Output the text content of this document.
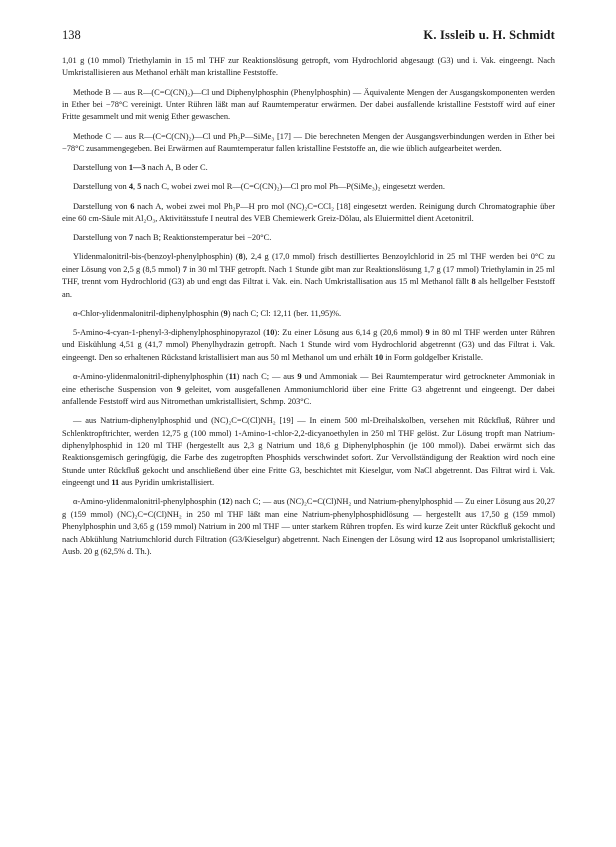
138	K. Issleib u. H. Schmidt

1,01 g (10 mmol) Triethylamin in 15 ml THF zur Reaktionslösung getropft, vom Hydrochlorid abgesaugt (G3) und i. Vak. eingeengt. Nach Umkristallisieren aus Methanol erhält man kristalline Feststoffe.

Methode B — aus R—(C=C(CN)₂)—Cl und Diphenylphosphin (Phenylphosphin) — Äquivalente Mengen der Ausgangskomponenten werden in Ether bei −78°C vereinigt. Unter Rühren läßt man auf Raumtemperatur erwärmen. Der dabei ausfallende kristalline Feststoff wird auf einer Fritte gesammelt und mit wenig Ether gewaschen.

Methode C — aus R—(C=C(CN)₂)—Cl und Ph₂P—SiMe₃ [17] — Die berechneten Mengen der Ausgangsverbindungen werden in Ether bei −78°C zusammengegeben. Bei Erwärmen auf Raumtemperatur fallen kristalline Feststoffe an, die wie üblich aufgearbeitet werden.

Darstellung von 1—3 nach A, B oder C.

Darstellung von 4, 5 nach C, wobei zwei mol R—(C=C(CN)₂)—Cl pro mol Ph—P(SiMe₃)₂ eingesetzt werden.

Darstellung von 6 nach A, wobei zwei mol Ph₂P—H pro mol (NC)₂C=CCl₂ [18] eingesetzt werden. Reinigung durch Chromatographie über eine 60 cm-Säule mit Al₂O₃, Aktivitätsstufe I neutral des VEB Chemiewerk Greiz-Dölau, als Eluiermittel dient Acetonitril.

Darstellung von 7 nach B; Reaktionstemperatur bei −20°C.

Ylidenmalonitril-bis-(benzoyl-phenylphosphin) (8), 2,4 g (17,0 mmol) frisch destilliertes Benzoylchlorid in 25 ml THF werden bei 0°C zu einer Lösung von 2,5 g (8,5 mmol) 7 in 30 ml THF getropft. Nach 1 Stunde gibt man zur Reaktionslösung 1,7 g (17 mmol) Triethylamin in 25 ml THF, trennt vom Hydrochlorid (G3) ab und engt das Filtrat i. Vak. ein. Nach Umkristallisation aus 15 ml Methanol fällt 8 als hellgelber Feststoff an.

α-Chlor-ylidenmalonitril-diphenylphosphin (9) nach C; Cl: 12,11 (ber. 11,95)%.

5-Amino-4-cyan-1-phenyl-3-diphenylphosphinopyrazol (10): Zu einer Lösung aus 6,14 g (20,6 mmol) 9 in 80 ml THF werden unter Rühren und Eiskühlung 4,51 g (41,7 mmol) Phenylhydrazin getropft. Nach 1 Stunde wird vom Hydrochlorid abgetrennt (G3) und das Filtrat i. Vak. eingeengt. Den so erhaltenen Rückstand kristallisiert man aus 50 ml Methanol um und erhält 10 in Form goldgelber Kristalle.

α-Amino-ylidenmalonitril-diphenylphosphin (11) nach C; — aus 9 und Ammoniak — Bei Raumtemperatur wird getrockneter Ammoniak in eine etherische Suspension von 9 geleitet, vom ausgefallenen Ammoniumchlorid über eine Fritte G3 abgetrennt und eingeengt. Der dabei anfallende Feststoff wird aus Nitromethan umkristallisiert, Schmp. 203°C.

— aus Natrium-diphenylphosphid und (NC)₂C=C(Cl)NH₂ [19] — In einem 500 ml-Dreihalskolben, versehen mit Rückfluß, Rührer und Schlenktropftrichter, werden 12,75 g (100 mmol) 1-Amino-1-chlor-2,2-dicyanoethylen in 250 ml THF gelöst. Zur Lösung tropft man Natrium-diphenylphosphid in 120 ml THF (hergestellt aus 2,3 g Natrium und 18,6 g Diphenylphosphin (je 100 mmol)). Dabei erwärmt sich das Reaktionsgemisch geringfügig, die Farbe des zugetropften Phosphids verschwindet sofort. Zur Vervollständigung der Reaktion wird noch eine Stunde unter Rückfluß gekocht und anschließend über eine Fritte G3, beschichtet mit Kieselgur, vom NaCl abgetrennt. Das Filtrat wird i. Vak. eingeengt und 11 aus Pyridin umkristallisiert.

α-Amino-ylidenmalonitril-phenylphosphin (12) nach C; — aus (NC)₂C=C(Cl)NH₂ und Natrium-phenylphosphid — Zu einer Lösung aus 20,27 g (159 mmol) (NC)₂C=C(Cl)NH₂ in 250 ml THF läßt man eine Natrium-phenylphosphidlösung — hergestellt aus 17,50 g (159 mmol) Phenylphosphin und 3,65 g (159 mmol) Natrium in 200 ml THF — unter starkem Rühren tropfen. Es wird kurze Zeit unter Rückfluß gekocht und nach Abkühlung Natriumchlorid durch Filtration (G3/Kieselgur) abgetrennt. Nach Einengen der Lösung wird 12 aus Isopropanol umkristallisiert; Ausb. 20 g (62,5% d. Th.).
